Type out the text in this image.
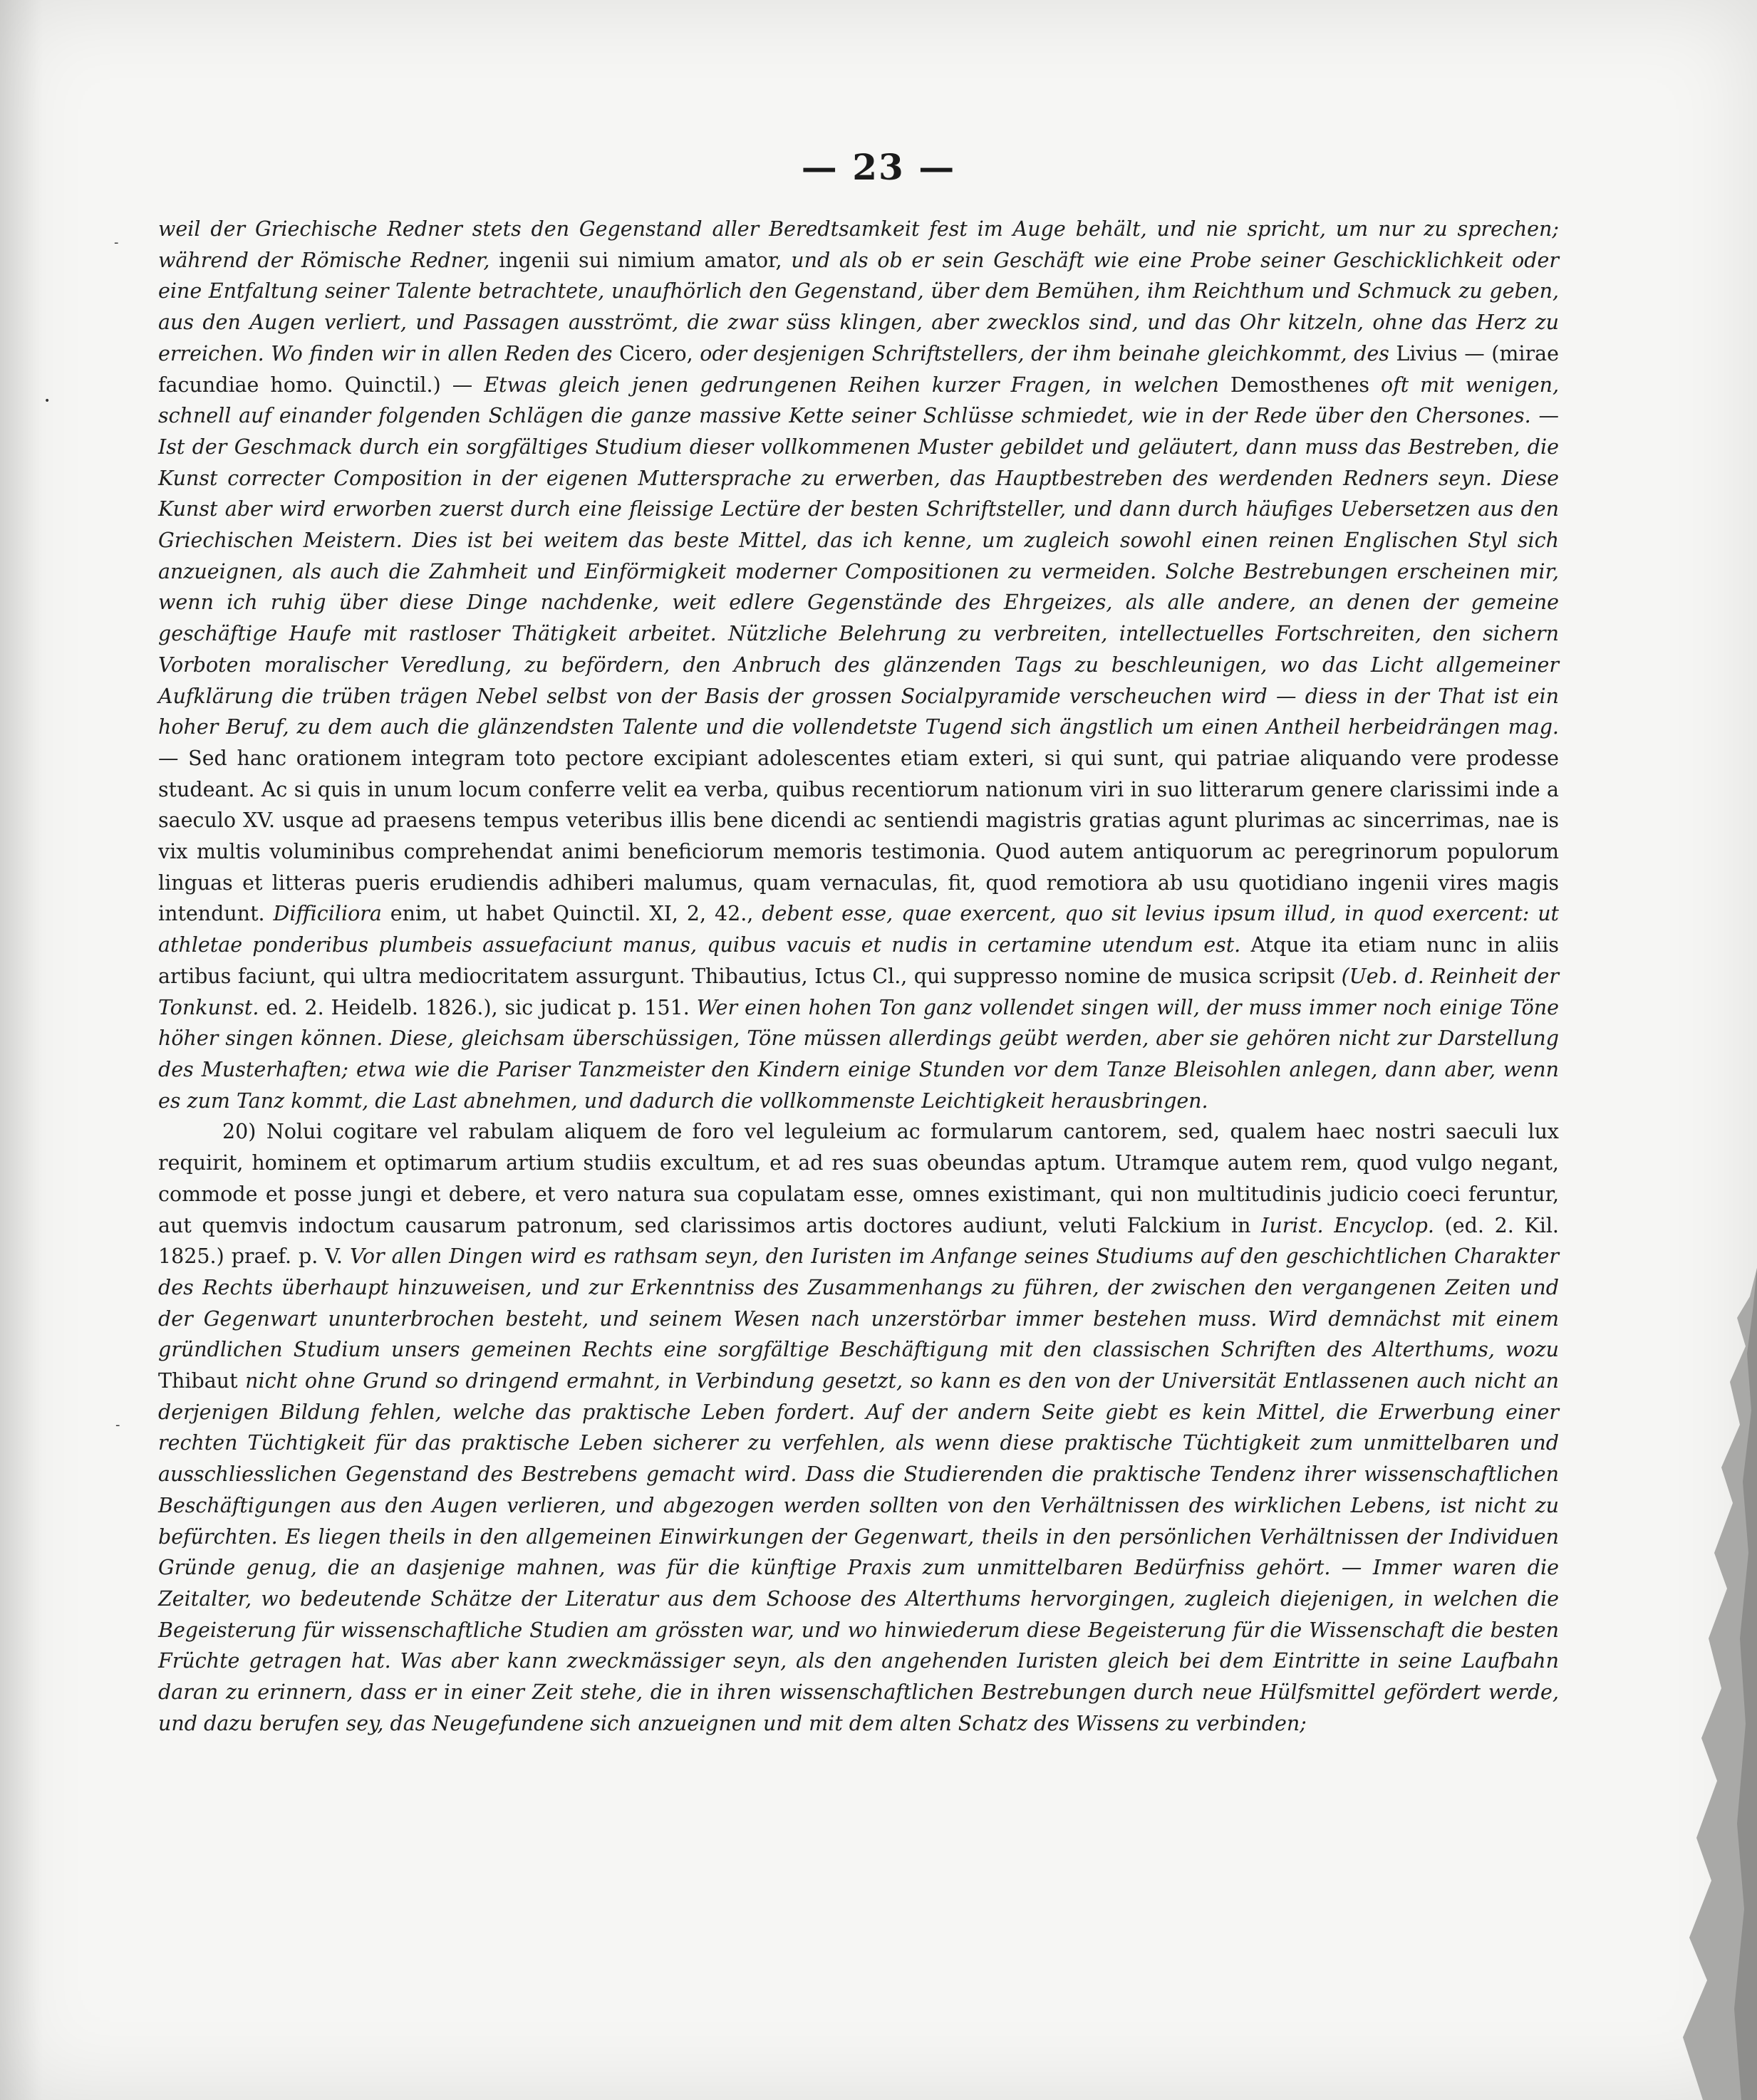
-
•
-
— 23 —

weil der Griechische Redner stets den Gegenstand aller Beredtsamkeit fest im Auge behält, und nie spricht, um nur zu sprechen; während der Römische Redner, ingenii sui nimium amator, und als ob er sein Geschäft wie eine Probe seiner Geschicklichkeit oder eine Entfaltung seiner Talente betrachtete, unaufhörlich den Gegenstand, über dem Bemühen, ihm Reichthum und Schmuck zu geben, aus den Augen verliert, und Passagen ausströmt, die zwar süss klingen, aber zwecklos sind, und das Ohr kitzeln, ohne das Herz zu erreichen. Wo finden wir in allen Reden des Cicero, oder desjenigen Schriftstellers, der ihm beinahe gleichkommt, des Livius — (mirae facundiae homo. Quinctil.) — Etwas gleich jenen gedrungenen Reihen kurzer Fragen, in welchen Demosthenes oft mit wenigen, schnell auf einander folgenden Schlägen die ganze massive Kette seiner Schlüsse schmiedet, wie in der Rede über den Chersones. — Ist der Geschmack durch ein sorgfältiges Studium dieser vollkommenen Muster gebildet und geläutert, dann muss das Bestreben, die Kunst correcter Composition in der eigenen Muttersprache zu erwerben, das Hauptbestreben des werdenden Redners seyn. Diese Kunst aber wird erworben zuerst durch eine fleissige Lectüre der besten Schriftsteller, und dann durch häufiges Uebersetzen aus den Griechischen Meistern. Dies ist bei weitem das beste Mittel, das ich kenne, um zugleich sowohl einen reinen Englischen Styl sich anzueignen, als auch die Zahmheit und Einförmigkeit moderner Compositionen zu vermeiden. Solche Bestrebungen erscheinen mir, wenn ich ruhig über diese Dinge nachdenke, weit edlere Gegenstände des Ehrgeizes, als alle andere, an denen der gemeine geschäftige Haufe mit rastloser Thätigkeit arbeitet. Nützliche Belehrung zu verbreiten, intellectuelles Fortschreiten, den sichern Vorboten moralischer Veredlung, zu befördern, den Anbruch des glänzenden Tags zu beschleunigen, wo das Licht allgemeiner Aufklärung die trüben trägen Nebel selbst von der Basis der grossen Socialpyramide verscheuchen wird — diess in der That ist ein hoher Beruf, zu dem auch die glänzendsten Talente und die vollendetste Tugend sich ängstlich um einen Antheil herbeidrängen mag. — Sed hanc orationem integram toto pectore excipiant adolescentes etiam exteri, si qui sunt, qui patriae aliquando vere prodesse studeant. Ac si quis in unum locum conferre velit ea verba, quibus recentiorum nationum viri in suo litterarum genere clarissimi inde a saeculo XV. usque ad praesens tempus veteribus illis bene dicendi ac sentiendi magistris gratias agunt plurimas ac sincerrimas, nae is vix multis voluminibus comprehendat animi beneficiorum memoris testimonia. Quod autem antiquorum ac peregrinorum populorum linguas et litteras pueris erudiendis adhiberi malumus, quam vernaculas, fit, quod remotiora ab usu quotidiano ingenii vires magis intendunt. Difficiliora enim, ut habet Quinctil. XI, 2, 42., debent esse, quae exercent, quo sit levius ipsum illud, in quod exercent: ut athletae ponderibus plumbeis assuefaciunt manus, quibus vacuis et nudis in certamine utendum est. Atque ita etiam nunc in aliis artibus faciunt, qui ultra mediocritatem assurgunt. Thibautius, Ictus Cl., qui suppresso nomine de musica scripsit (Ueb. d. Reinheit der Tonkunst. ed. 2. Heidelb. 1826.), sic judicat p. 151. Wer einen hohen Ton ganz vollendet singen will, der muss immer noch einige Töne höher singen können. Diese, gleichsam überschüssigen, Töne müssen allerdings geübt werden, aber sie gehören nicht zur Darstellung des Musterhaften; etwa wie die Pariser Tanzmeister den Kindern einige Stunden vor dem Tanze Bleisohlen anlegen, dann aber, wenn es zum Tanz kommt, die Last abnehmen, und dadurch die vollkommenste Leichtigkeit herausbringen.

20) Nolui cogitare vel rabulam aliquem de foro vel leguleium ac formularum cantorem, sed, qualem haec nostri saeculi lux requirit, hominem et optimarum artium studiis excultum, et ad res suas obeundas aptum. Utramque autem rem, quod vulgo negant, commode et posse jungi et debere, et vero natura sua copulatam esse, omnes existimant, qui non multitudinis judicio coeci feruntur, aut quemvis indoctum causarum patronum, sed clarissimos artis doctores audiunt, veluti Falckium in Iurist. Encyclop. (ed. 2. Kil. 1825.) praef. p. V. Vor allen Dingen wird es rathsam seyn, den Iuristen im Anfange seines Studiums auf den geschichtlichen Charakter des Rechts überhaupt hinzuweisen, und zur Erkenntniss des Zusammenhangs zu führen, der zwischen den vergangenen Zeiten und der Gegenwart ununterbrochen besteht, und seinem Wesen nach unzerstörbar immer bestehen muss. Wird demnächst mit einem gründlichen Studium unsers gemeinen Rechts eine sorgfältige Beschäftigung mit den classischen Schriften des Alterthums, wozu Thibaut nicht ohne Grund so dringend ermahnt, in Verbindung gesetzt, so kann es den von der Universität Entlassenen auch nicht an derjenigen Bildung fehlen, welche das praktische Leben fordert. Auf der andern Seite giebt es kein Mittel, die Erwerbung einer rechten Tüchtigkeit für das praktische Leben sicherer zu verfehlen, als wenn diese praktische Tüchtigkeit zum unmittelbaren und ausschliesslichen Gegenstand des Bestrebens gemacht wird. Dass die Studierenden die praktische Tendenz ihrer wissenschaftlichen Beschäftigungen aus den Augen verlieren, und abgezogen werden sollten von den Verhältnissen des wirklichen Lebens, ist nicht zu befürchten. Es liegen theils in den allgemeinen Einwirkungen der Gegenwart, theils in den persönlichen Verhältnissen der Individuen Gründe genug, die an dasjenige mahnen, was für die künftige Praxis zum unmittelbaren Bedürfniss gehört. — Immer waren die Zeitalter, wo bedeutende Schätze der Literatur aus dem Schoose des Alterthums hervorgingen, zugleich diejenigen, in welchen die Begeisterung für wissenschaftliche Studien am grössten war, und wo hinwiederum diese Begeisterung für die Wissenschaft die besten Früchte getragen hat. Was aber kann zweckmässiger seyn, als den angehenden Iuristen gleich bei dem Eintritte in seine Laufbahn daran zu erinnern, dass er in einer Zeit stehe, die in ihren wissenschaftlichen Bestrebungen durch neue Hülfsmittel gefördert werde, und dazu berufen sey, das Neugefundene sich anzueignen und mit dem alten Schatz des Wissens zu verbinden;
